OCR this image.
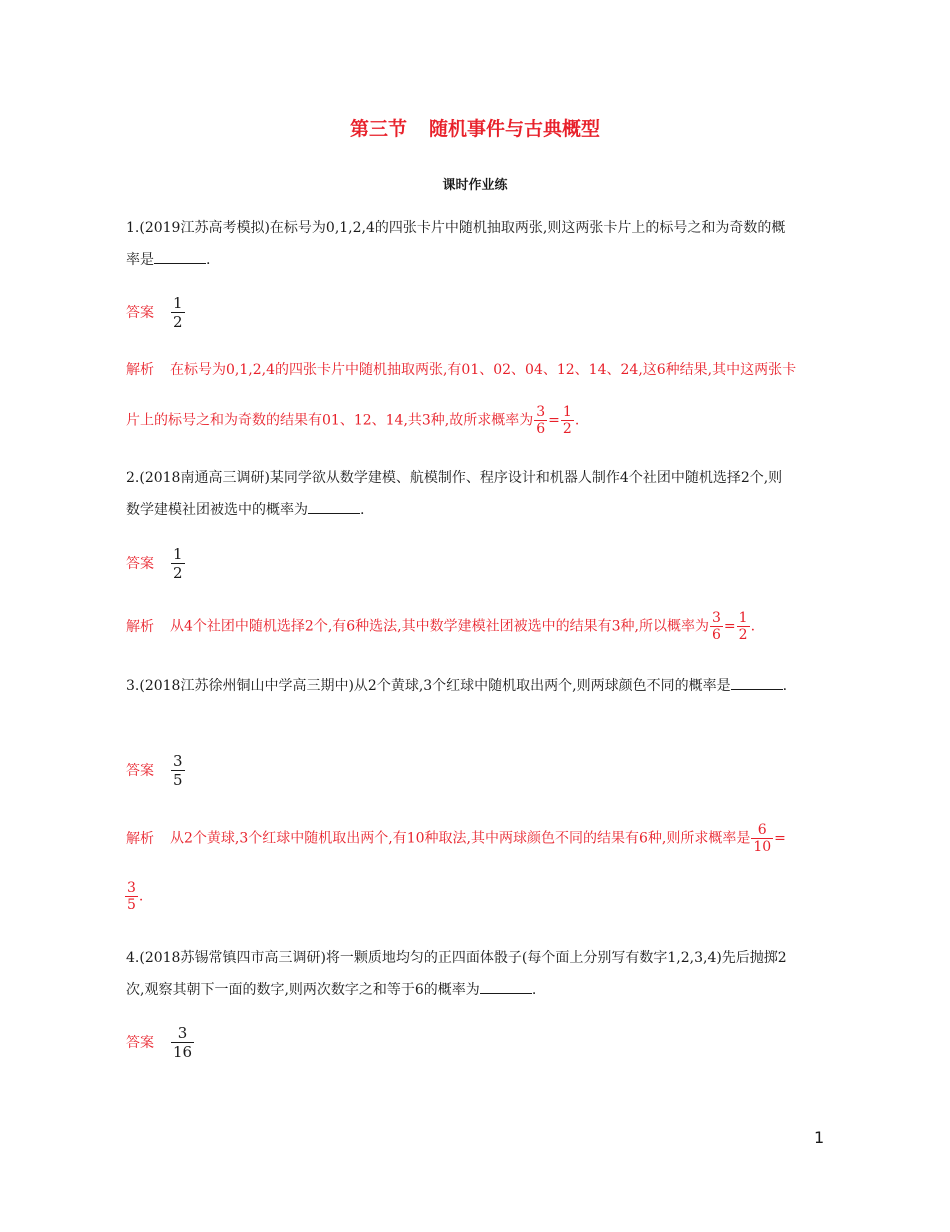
第三节 随机事件与古典概型
课时作业练
1.(2019江苏高考模拟)在标号为0,1,2,4的四张卡片中随机抽取两张,则这两张卡片上的标号之和为奇数的概
率是	.
答案 $\frac{1}{2}$
解析 在标号为0,1,2,4的四张卡片中随机抽取两张,有01、02、04、12、14、24,这6种结果,其中这两张卡
片上的标号之和为奇数的结果有01、12、14,共3种,故所求概率为 $\frac{3}{6} = \frac{1}{2}$ .
2.(2018南通高三调研)某同学欲从数学建模、航模制作、程序设计和机器人制作4个社团中随机选择2个,则
数学建模社团被选中的概率为	.
答案 $\frac{1}{2}$
解析 从4个社团中随机选择2个,有6种选法,其中数学建模社团被选中的结果有3种,所以概率为 $\frac{3}{6} = \frac{1}{2}$ .
3.(2018江苏徐州铜山中学高三期中)从2个黄球,3个红球中随机取出两个,则两球颜色不同的概率是	.
答案 $\frac{3}{5}$
解析 从2个黄球,3个红球中随机取出两个,有10种取法,其中两球颜色不同的结果有6种,则所求概率是 $\frac{6}{10}$ =
$\frac{3}{5}$ .
4.(2018苏锡常镇四市高三调研)将一颗质地均匀的正四面体骰子(每个面上分别写有数字1,2,3,4)先后抛掷2
次,观察其朝下一面的数字,则两次数字之和等于6的概率为	.
答案 $\frac{3}{16}$
1
